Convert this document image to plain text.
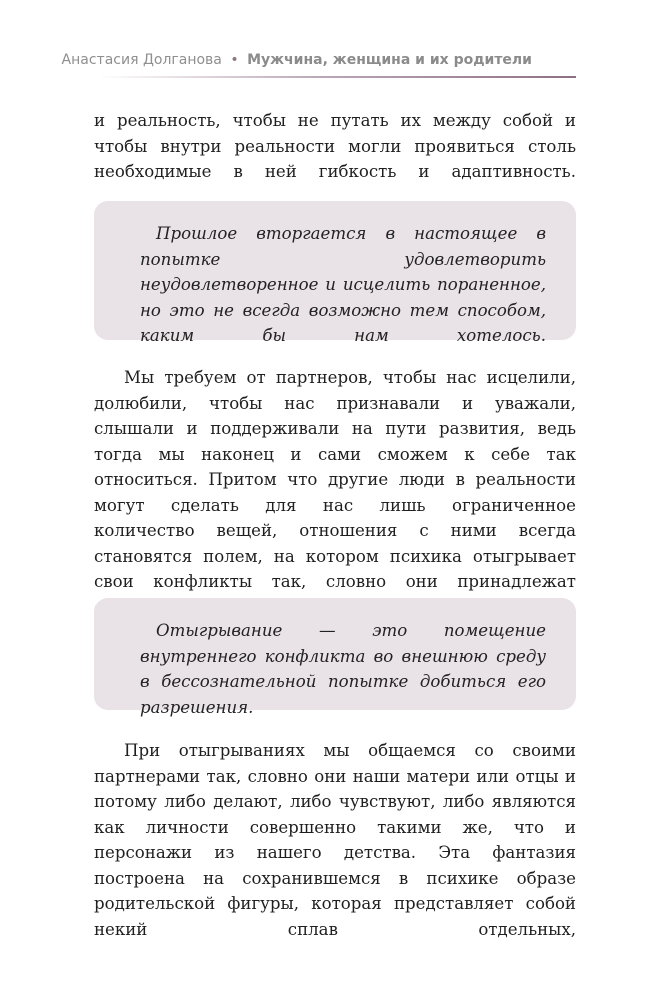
Анастасия Долганова • Мужчина, женщина и их родители

и реальность, чтобы не путать их между собой и чтобы внутри реальности могли проявиться столь необходимые в ней гибкость и адаптивность.

Прошлое вторгается в настоящее в попытке удовлетворить неудовлетворенное и исцелить пораненное, но это не всегда возможно тем способом, каким бы нам хотелось.

Мы требуем от партнеров, чтобы нас исцелили, долюбили, чтобы нас признавали и уважали, слышали и поддерживали на пути развития, ведь тогда мы наконец и сами сможем к себе так относиться. Притом что другие люди в реальности могут сделать для нас лишь ограниченное количество вещей, отношения с ними всегда становятся полем, на котором психика отыгрывает свои конфликты так, словно они принадлежат

Отыгрывание — это помещение внутреннего конфликта во внешнюю среду в бессознательной попытке добиться его разрешения.

При отыгрываниях мы общаемся со своими партнерами так, словно они наши матери или отцы и потому либо делают, либо чувствуют, либо являются как личности совершенно такими же, что и персонажи из нашего детства. Эта фантазия построена на сохранившемся в психике образе родительской фигуры, которая представляет собой некий сплав отдельных,
